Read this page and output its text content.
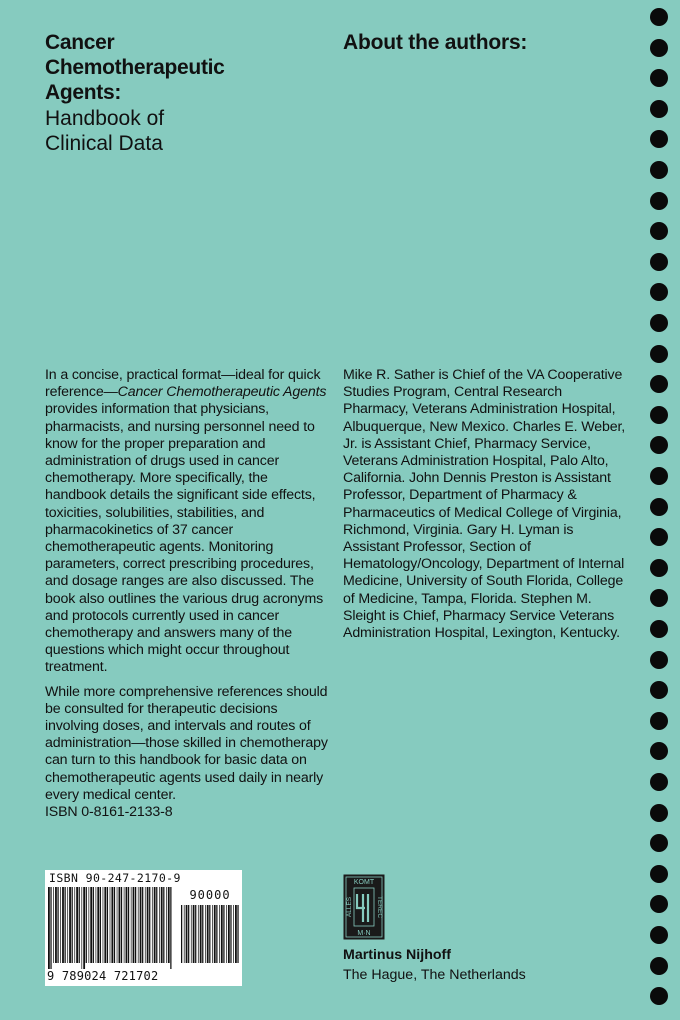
Cancer
Chemotherapeutic
Agents:
Handbook of
Clinical Data
About the authors:

In a concise, practical format—ideal for quick reference—Cancer Chemotherapeutic Agents provides information that physicians, pharmacists, and nursing personnel need to know for the proper preparation and administration of drugs used in cancer chemotherapy. More specifically, the handbook details the significant side effects, toxicities, solubilities, stabilities, and pharmacokinetics of 37 cancer chemotherapeutic agents. Monitoring parameters, correct prescribing procedures, and dosage ranges are also discussed. The book also outlines the various drug acronyms and protocols currently used in cancer chemotherapy and answers many of the questions which might occur throughout treatment.

While more comprehensive references should be consulted for therapeutic decisions involving doses, and intervals and routes of administration—those skilled in chemotherapy can turn to this handbook for basic data on chemotherapeutic agents used daily in nearly every medical center.
ISBN 0-8161-2133-8

Mike R. Sather is Chief of the VA Cooperative Studies Program, Central Research Pharmacy, Veterans Administration Hospital, Albuquerque, New Mexico. Charles E. Weber, Jr. is Assistant Chief, Pharmacy Service, Veterans Administration Hospital, Palo Alto, California. John Dennis Preston is Assistant Professor, Department of Pharmacy & Pharmaceutics of Medical College of Virginia, Richmond, Virginia. Gary H. Lyman is Assistant Professor, Section of Hematology/Oncology, Department of Internal Medicine, University of South Florida, College of Medicine, Tampa, Florida. Stephen M. Sleight is Chief, Pharmacy Service Veterans Administration Hospital, Lexington, Kentucky.

ISBN 90-247-2170-9
90000
9 789024 721702
KOMT
M·N
ALLES	TEREC
Martinus Nijhoff
The Hague, The Netherlands
